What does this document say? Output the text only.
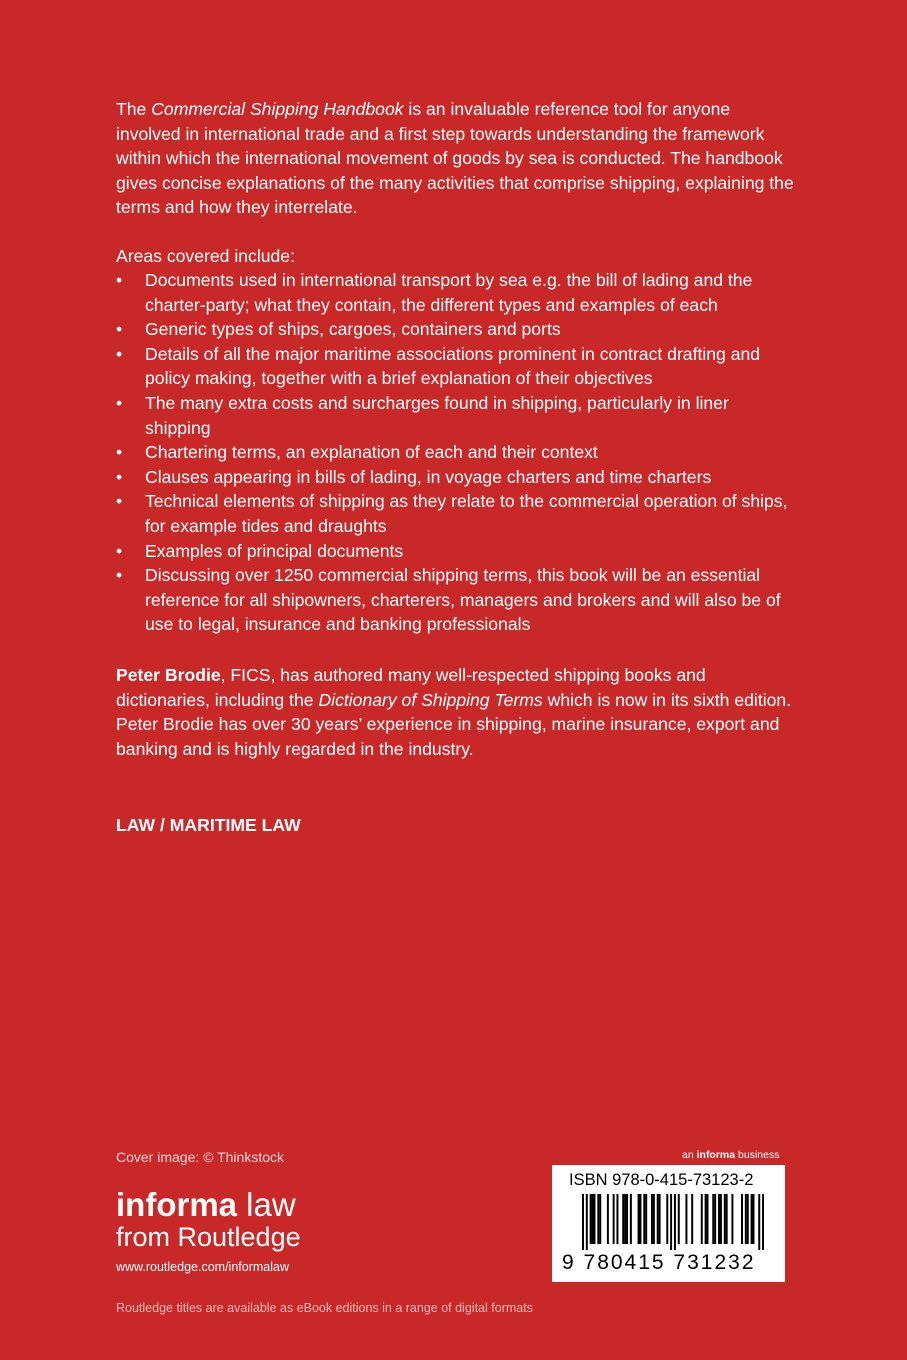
The Commercial Shipping Handbook is an invaluable reference tool for anyone involved in international trade and a first step towards understanding the framework within which the international movement of goods by sea is conducted. The handbook gives concise explanations of the many activities that comprise shipping, explaining the terms and how they interrelate.

Areas covered include:

• Documents used in international transport by sea e.g. the bill of lading and the charter-party; what they contain, the different types and examples of each
• Generic types of ships, cargoes, containers and ports
• Details of all the major maritime associations prominent in contract drafting and policy making, together with a brief explanation of their objectives
• The many extra costs and surcharges found in shipping, particularly in liner shipping
• Chartering terms, an explanation of each and their context
• Clauses appearing in bills of lading, in voyage charters and time charters
• Technical elements of shipping as they relate to the commercial operation of ships, for example tides and draughts
• Examples of principal documents
• Discussing over 1250 commercial shipping terms, this book will be an essential reference for all shipowners, charterers, managers and brokers and will also be of use to legal, insurance and banking professionals

Peter Brodie, FICS, has authored many well-respected shipping books and dictionaries, including the Dictionary of Shipping Terms which is now in its sixth edition. Peter Brodie has over 30 years’ experience in shipping, marine insurance, export and banking and is highly regarded in the industry.

LAW / MARITIME LAW

Cover image: © Thinkstock

informa law
from Routledge
www.routledge.com/informalaw

Routledge titles are available as eBook editions in a range of digital formats

an informa business

ISBN 978-0-415-73123-2
9 780415 731232
